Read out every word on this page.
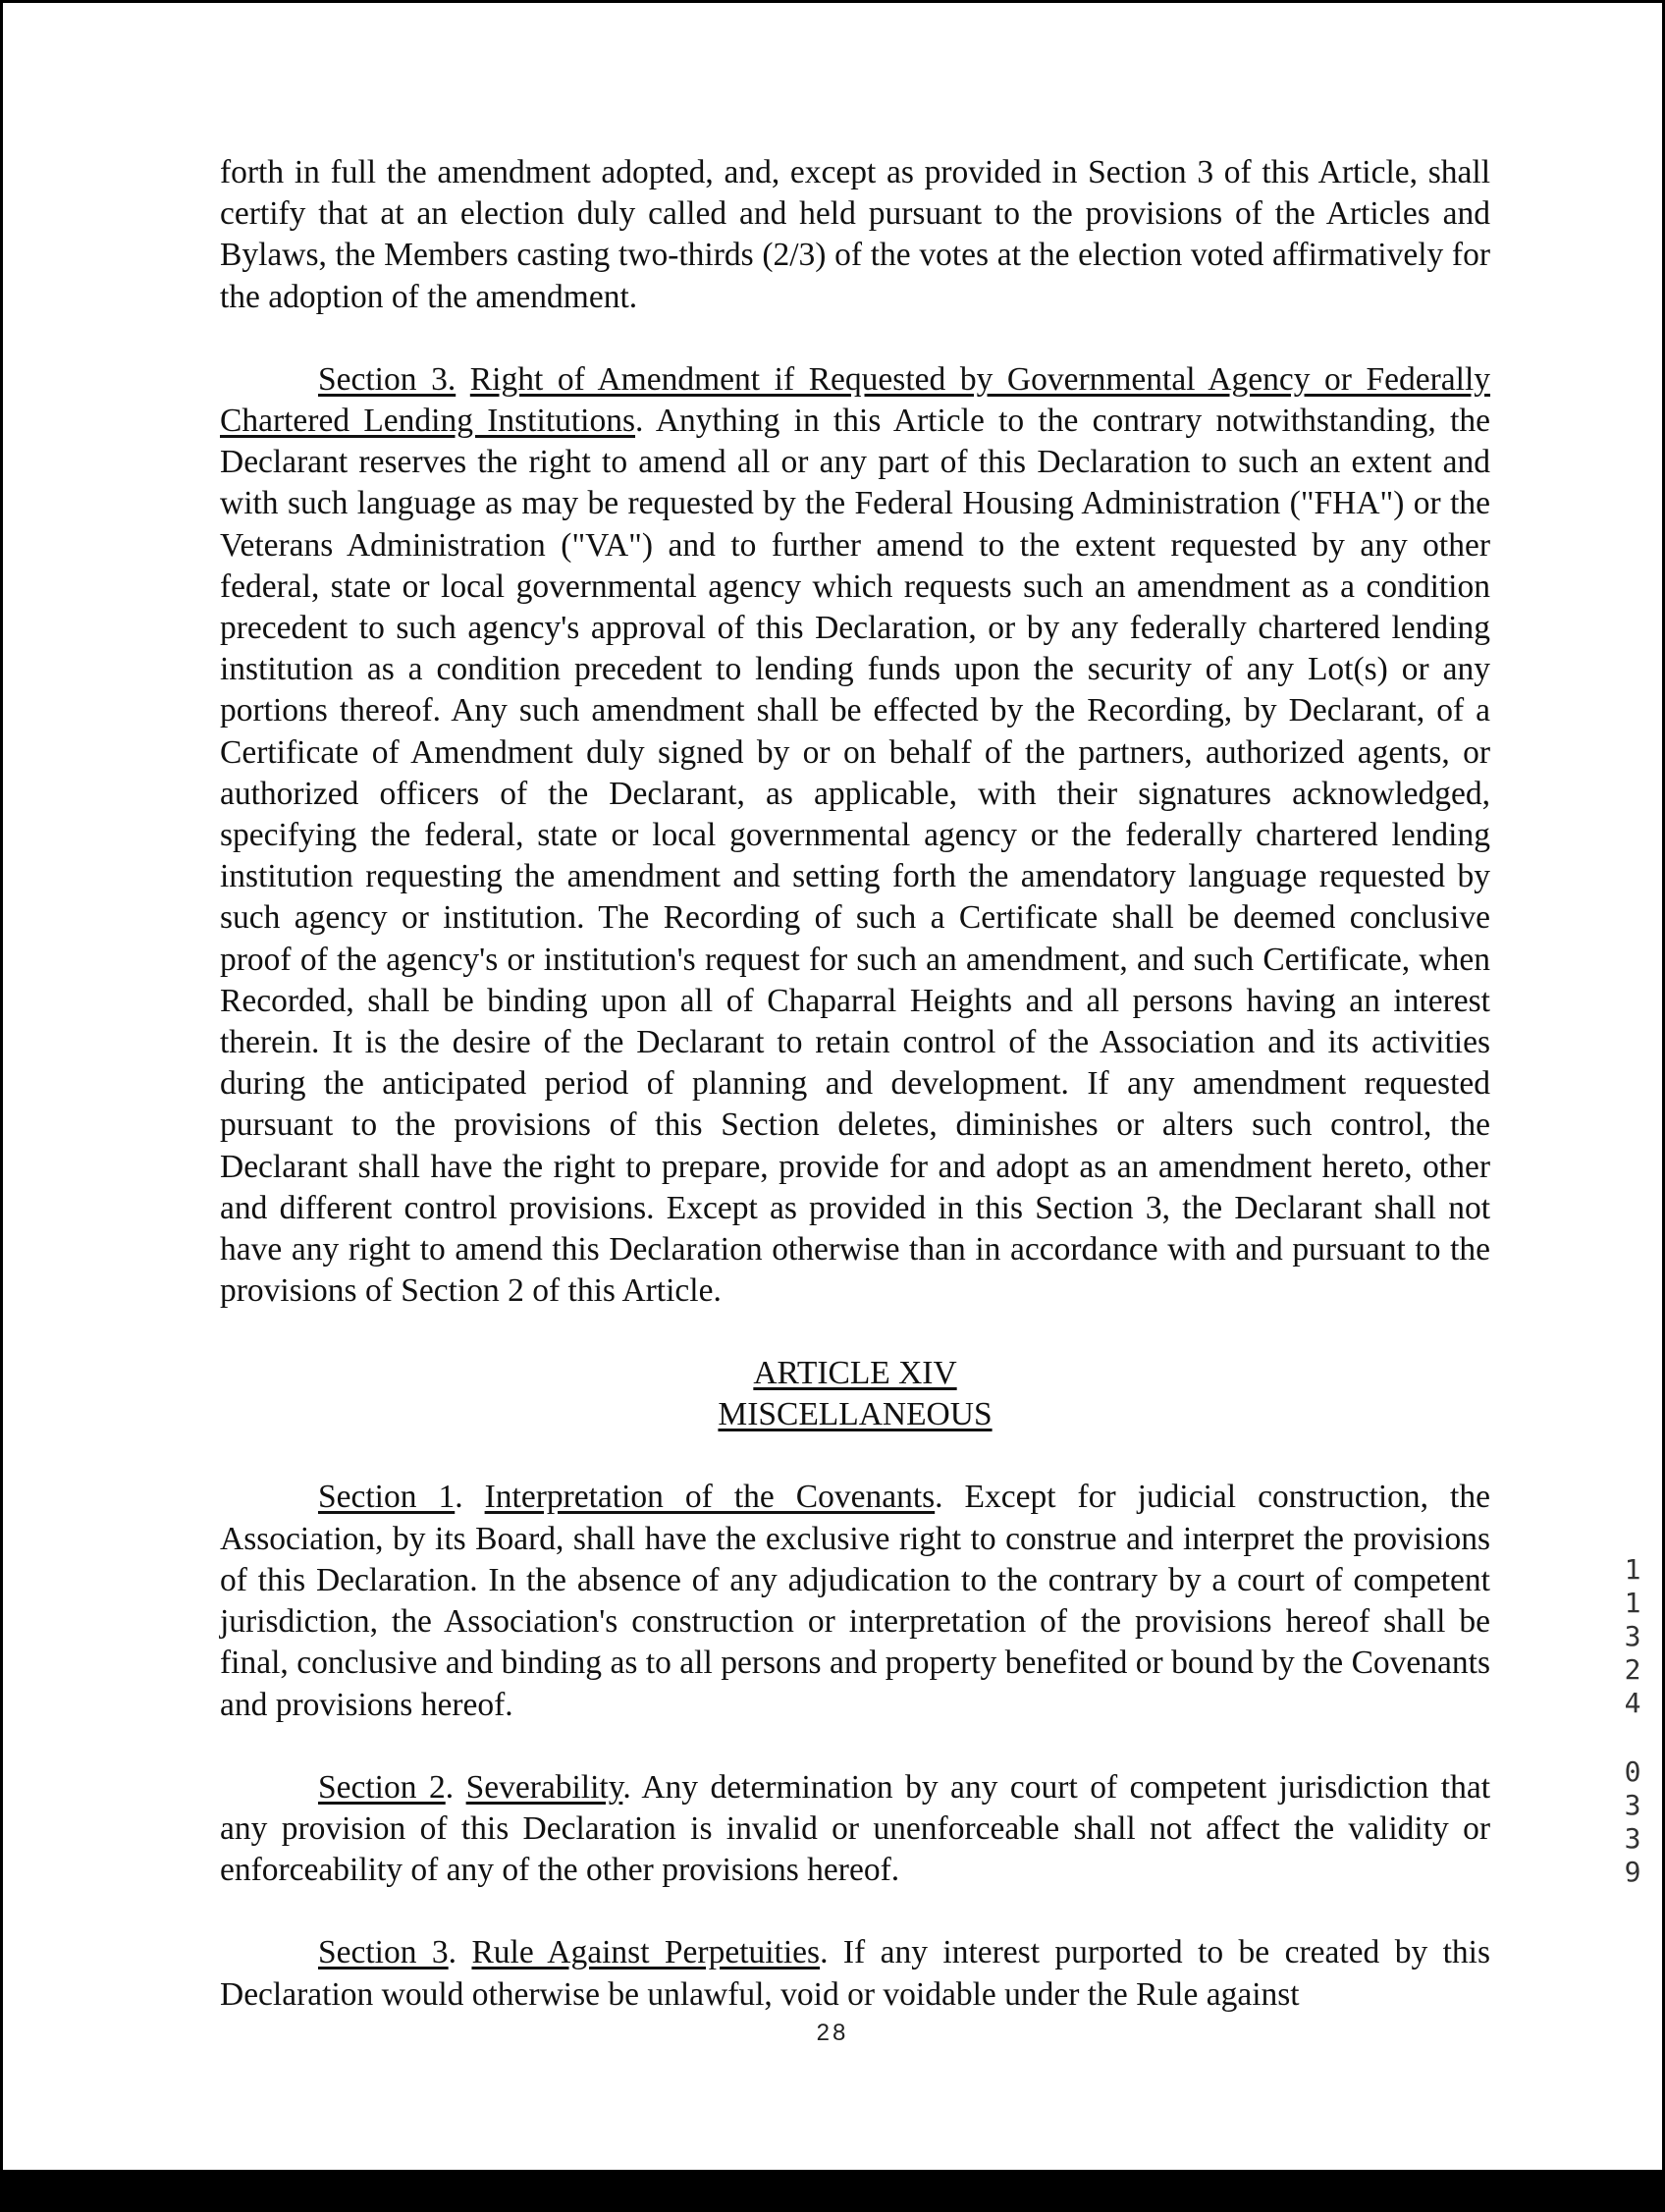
forth in full the amendment adopted, and, except as provided in Section 3 of this Article, shall certify that at an election duly called and held pursuant to the provisions of the Articles and Bylaws, the Members casting two-thirds (2/3) of the votes at the election voted affirmatively for the adoption of the amendment.

Section 3. Right of Amendment if Requested by Governmental Agency or Federally Chartered Lending Institutions. Anything in this Article to the contrary notwithstanding, the Declarant reserves the right to amend all or any part of this Declaration to such an extent and with such language as may be requested by the Federal Housing Administration ("FHA") or the Veterans Administration ("VA") and to further amend to the extent requested by any other federal, state or local governmental agency which requests such an amendment as a condition precedent to such agency's approval of this Declaration, or by any federally chartered lending institution as a condition precedent to lending funds upon the security of any Lot(s) or any portions thereof. Any such amendment shall be effected by the Recording, by Declarant, of a Certificate of Amendment duly signed by or on behalf of the partners, authorized agents, or authorized officers of the Declarant, as applicable, with their signatures acknowledged, specifying the federal, state or local governmental agency or the federally chartered lending institution requesting the amendment and setting forth the amendatory language requested by such agency or institution. The Recording of such a Certificate shall be deemed conclusive proof of the agency's or institution's request for such an amendment, and such Certificate, when Recorded, shall be binding upon all of Chaparral Heights and all persons having an interest therein. It is the desire of the Declarant to retain control of the Association and its activities during the anticipated period of planning and development. If any amendment requested pursuant to the provisions of this Section deletes, diminishes or alters such control, the Declarant shall have the right to prepare, provide for and adopt as an amendment hereto, other and different control provisions. Except as provided in this Section 3, the Declarant shall not have any right to amend this Declaration otherwise than in accordance with and pursuant to the provisions of Section 2 of this Article.

ARTICLE XIV
MISCELLANEOUS

Section 1. Interpretation of the Covenants. Except for judicial construction, the Association, by its Board, shall have the exclusive right to construe and interpret the provisions of this Declaration. In the absence of any adjudication to the contrary by a court of competent jurisdiction, the Association's construction or interpretation of the provisions hereof shall be final, conclusive and binding as to all persons and property benefited or bound by the Covenants and provisions hereof.

Section 2. Severability. Any determination by any court of competent jurisdiction that any provision of this Declaration is invalid or unenforceable shall not affect the validity or enforceability of any of the other provisions hereof.

Section 3. Rule Against Perpetuities. If any interest purported to be created by this Declaration would otherwise be unlawful, void or voidable under the Rule against

28
1
1
3
2
4
0
3
3
9
